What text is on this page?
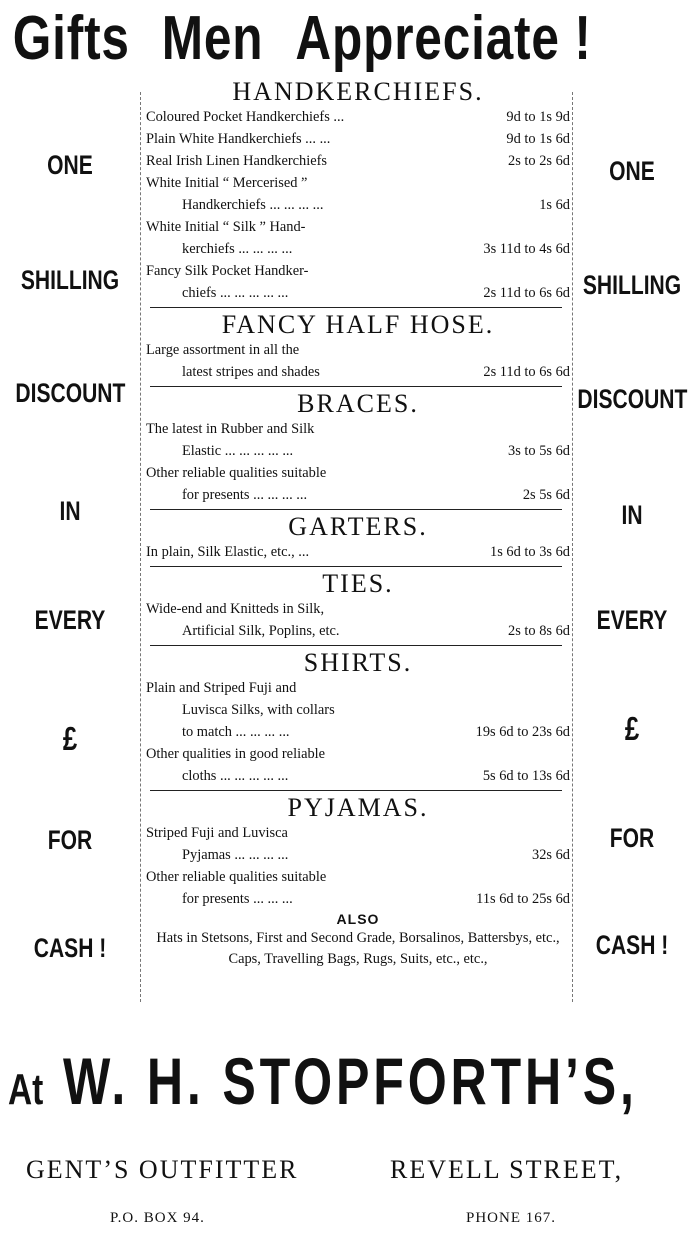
Gifts Men Appreciate !
ONE
SHILLING
DISCOUNT
IN
EVERY
£
FOR
CASH !
ONE
SHILLING
DISCOUNT
IN
EVERY
£
FOR
CASH !
HANDKERCHIEFS.
Coloured Pocket Handkerchiefs ...	9d to 1s 9d
Plain White Handkerchiefs ... ...	9d to 1s 6d
Real Irish Linen Handkerchiefs	2s to 2s 6d
White Initial “ Mercerised ”
Handkerchiefs ... ... ... ...	1s 6d
White Initial “ Silk ” Hand-
kerchiefs ... ... ... ...	3s 11d to 4s 6d
Fancy Silk Pocket Handker-
chiefs ... ... ... ... ...	2s 11d to 6s 6d
FANCY HALF HOSE.
Large assortment in all the
latest stripes and shades	2s 11d to 6s 6d
BRACES.
The latest in Rubber and Silk
Elastic ... ... ... ... ...	3s to 5s 6d
Other reliable qualities suitable
for presents ... ... ... ...	2s 5s 6d
GARTERS.
In plain, Silk Elastic, etc., ...	1s 6d to 3s 6d
TIES.
Wide-end and Knitteds in Silk,
Artificial Silk, Poplins, etc.	2s to 8s 6d
SHIRTS.
Plain and Striped Fuji and
Luvisca Silks, with collars
to match ... ... ... ...	19s 6d to 23s 6d
Other qualities in good reliable
cloths ... ... ... ... ...	5s 6d to 13s 6d
PYJAMAS.
Striped Fuji and Luvisca
Pyjamas ... ... ... ...	32s 6d
Other reliable qualities suitable
for presents ... ... ...	11s 6d to 25s 6d
ALSO
Hats in Stetsons, First and Second Grade, Borsalinos, Battersbys, etc., Caps, Travelling Bags, Rugs, Suits, etc., etc.,
At W. H. STOPFORTH’S,
GENT’S OUTFITTER	REVELL STREET,
P.O. BOX 94.	PHONE 167.
